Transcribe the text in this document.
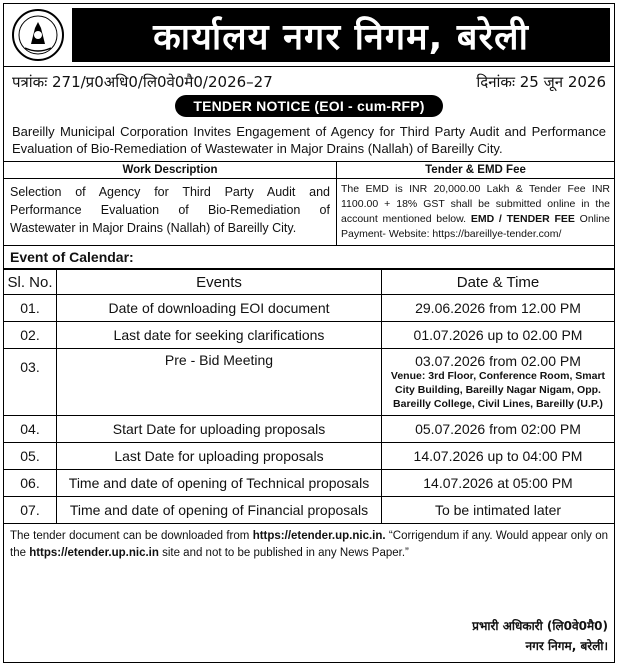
कार्यालय नगर निगम, बरेली
पत्रांकः 271/प्र0अधि0/लि0वे0मै0/2026–27	दिनांकः 25 जून 2026
TENDER NOTICE (EOI - cum-RFP)
Bareilly Municipal Corporation Invites Engagement of Agency for Third Party Audit and Performance Evaluation of Bio-Remediation of Wastewater in Major Drains (Nallah) of Bareilly City.
Work Description	Tender & EMD Fee
Selection of Agency for Third Party Audit and Performance Evaluation of Bio-Remediation of Wastewater in Major Drains (Nallah) of Bareilly City.	The EMD is INR 20,000.00 Lakh & Tender Fee INR 1100.00 + 18% GST shall be submitted online in the account mentioned below. EMD / TENDER FEE Online Payment- Website: https://bareillye-tender.com/
Event of Calendar:
Sl. No.	Events	Date & Time
01.	Date of downloading EOI document	29.06.2026 from 12.00 PM
02.	Last date for seeking clarifications	01.07.2026 up to 02.00 PM
03.	Pre - Bid Meeting	03.07.2026 from 02.00 PM
Venue: 3rd Floor, Conference Room, Smart City Building, Bareilly Nagar Nigam, Opp. Bareilly College, Civil Lines, Bareilly (U.P.)

04.	Start Date for uploading proposals	05.07.2026 from 02:00 PM
05.	Last Date for uploading proposals	14.07.2026 up to 04:00 PM
06.	Time and date of opening of Technical proposals	14.07.2026 at 05:00 PM
07.	Time and date of opening of Financial proposals	To be intimated later
The tender document can be downloaded from https://etender.up.nic.in. “Corrigendum if any. Would appear only on the https://etender.up.nic.in site and not to be published in any News Paper.”
प्रभारी अधिकारी (लि0वे0मै0)
नगर निगम, बरेली।
